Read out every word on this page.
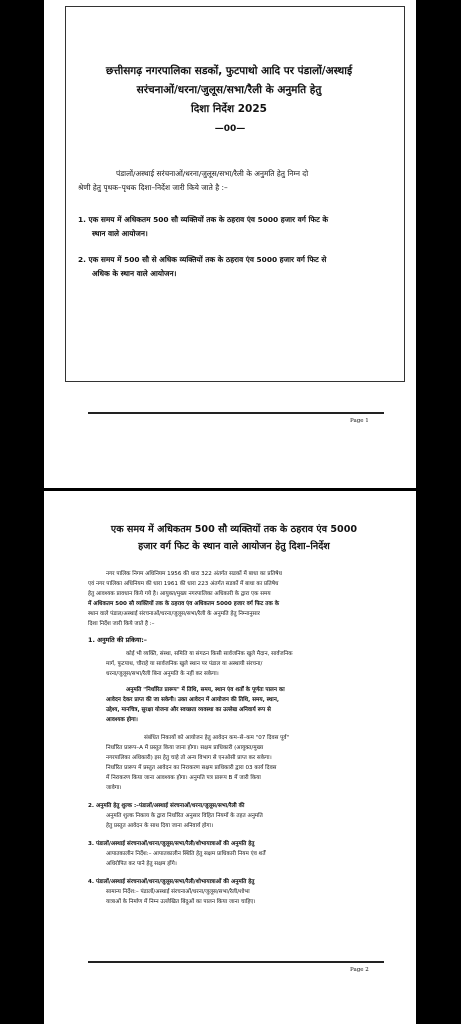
छत्तीसगढ़ नगरपालिका सडकों, फुटपाथो आदि पर पंडालों/अस्थाई
सरंचनाओं/धरना/जुलूस/सभा/रैली के अनुमति हेतु
दिशा निर्देश 2025
—00—
पंडालों/अस्थाई सरंचनाओं/धरना/जुलूस/सभा/रैली के अनुमति हेतु निम्न दो
श्रेणी हेतु पृथक–पृथक दिशा–निर्देश जारी किये जाते है :–
1. एक समय में अधिकतम 500 सौ व्यक्तियों तक के ठहराव एंव 5000 हजार वर्ग फिट के
स्थान वाले आयोजन।
2. एक समय में 500 सौ से अधिक व्यक्तियों तक के ठहराव एंव 5000 हजार वर्ग फिट से
अधिक के स्थान वाले आयोजन।
Page 1
एक समय में अधिकतम 500 सौ व्यक्तियों तक के ठहराव एंव 5000
हजार वर्ग फिट के स्थान वाले आयोजन हेतु दिशा–निर्देश
नगर पालिक निगम अधिनियम 1956 की धारा 322 अंतर्गत सडकों में बाधा का प्रतिषेध
एवं नगर पालिका अधिनियम की धारा 1961 की धारा 223 अंतर्गत सडकों में बाधा का प्रतिषेध
हेतु आवश्यक प्रावधान किये गये है। आयुक्त/मुख्य नगरपालिका अधिकारी के द्वारा एक समय
में अधिकतम 500 सौ व्यक्तियों तक के ठहराव एंव अधिकतम 5000 हजार वर्ग फिट तक के
स्थान वाले पंडाल/अस्थाई संरचनाओं/धरना/जुलूस/सभा/रैली के अनुमति हेतु निम्नानुसार
दिशा निर्देश जारी किये जाते है :–
1. अनुमति की प्रकिया:–
कोई भी व्यक्ति, संस्था, समिति या संगठन किसी सार्वजनिक खुले मैदान, सार्वजनिक
मार्ग, फुटपाथ, चौराहे या सार्वजनिक खुले स्थान पर पंडाल या अस्थायी संरचना/
धरना/जुलूस/सभा/रैली बिना अनुमति के नहीं कर सकेगा।
अनुमति "निर्धारित प्रारूप" में तिथि, समय, स्थान एंव शर्तों के पूर्णतः पालन का
आवेदन देकर प्राप्त की जा सकेगी। उक्त आवेदन में आयोजन की तिथि, समय, स्थान,
उद्देश्य, मानचित्र, सुरक्षा योजना और स्वच्छता व्यवस्था का उल्लेख अनिवार्य रूप से
आवश्यक होगा।
संबंधित निकायों को आयोजन हेतु आवेदन कम–से–कम "07 दिवस पूर्व"
निर्धारित प्रारूप–A में प्रस्तुत किया जाना होगा। सक्षम प्राधिकारी (आयुक्त/मुख्य
नगरपालिका अधिकारी) इस हेतु चाहे तो अन्य विभाग से एनओसी प्राप्त कर सकेगा।
निर्धारित प्रारूप में प्रस्तुत आवेदन का निराकरण सक्षम प्राधिकारी द्वारा 03 कार्य दिवस
में निराकरण किया जाना आवश्यक होगा। अनुमति पत्र प्रारूप B में जारी किया
जावेगा।
2. अनुमति हेतु शुल्क :–पंडालों/अस्थाई संरचनाओं/धरना/जुलूस/सभा/रैली की
अनुमति शुल्क निकाय के द्वारा निर्धारित अनुसार विहित नियमों के तहत अनुमति
हेतु प्रस्तुत आवेदन के साथ दिया जाना अनिवार्य होगा।
3. पंडालों/अस्थाई संरचनाओं/धरना/जुलूस/सभा/रैली/शोभायात्राओं की अनुमति हेतु
आपातकालीन निर्देश:– आपातकालीन स्थिति हेतु सक्षम प्राधिकारी नियम एंव शर्तें
अधिरोपित कर पाने हेतु सक्षम होंगे।
4. पंडालों/अस्थाई संरचनाओं/धरना/जुलूस/सभा/रैली/शोभायात्राओं की अनुमति हेतु
सामान्य निर्देश:– पंडालों/अस्थाई संरचनाओं/धरना/जुलूस/सभा/रैली/शोभा
यात्राओं के निर्माण में निम्न उल्लेखित बिंदुओं का पालन किया जाना चाहिए।
Page 2
